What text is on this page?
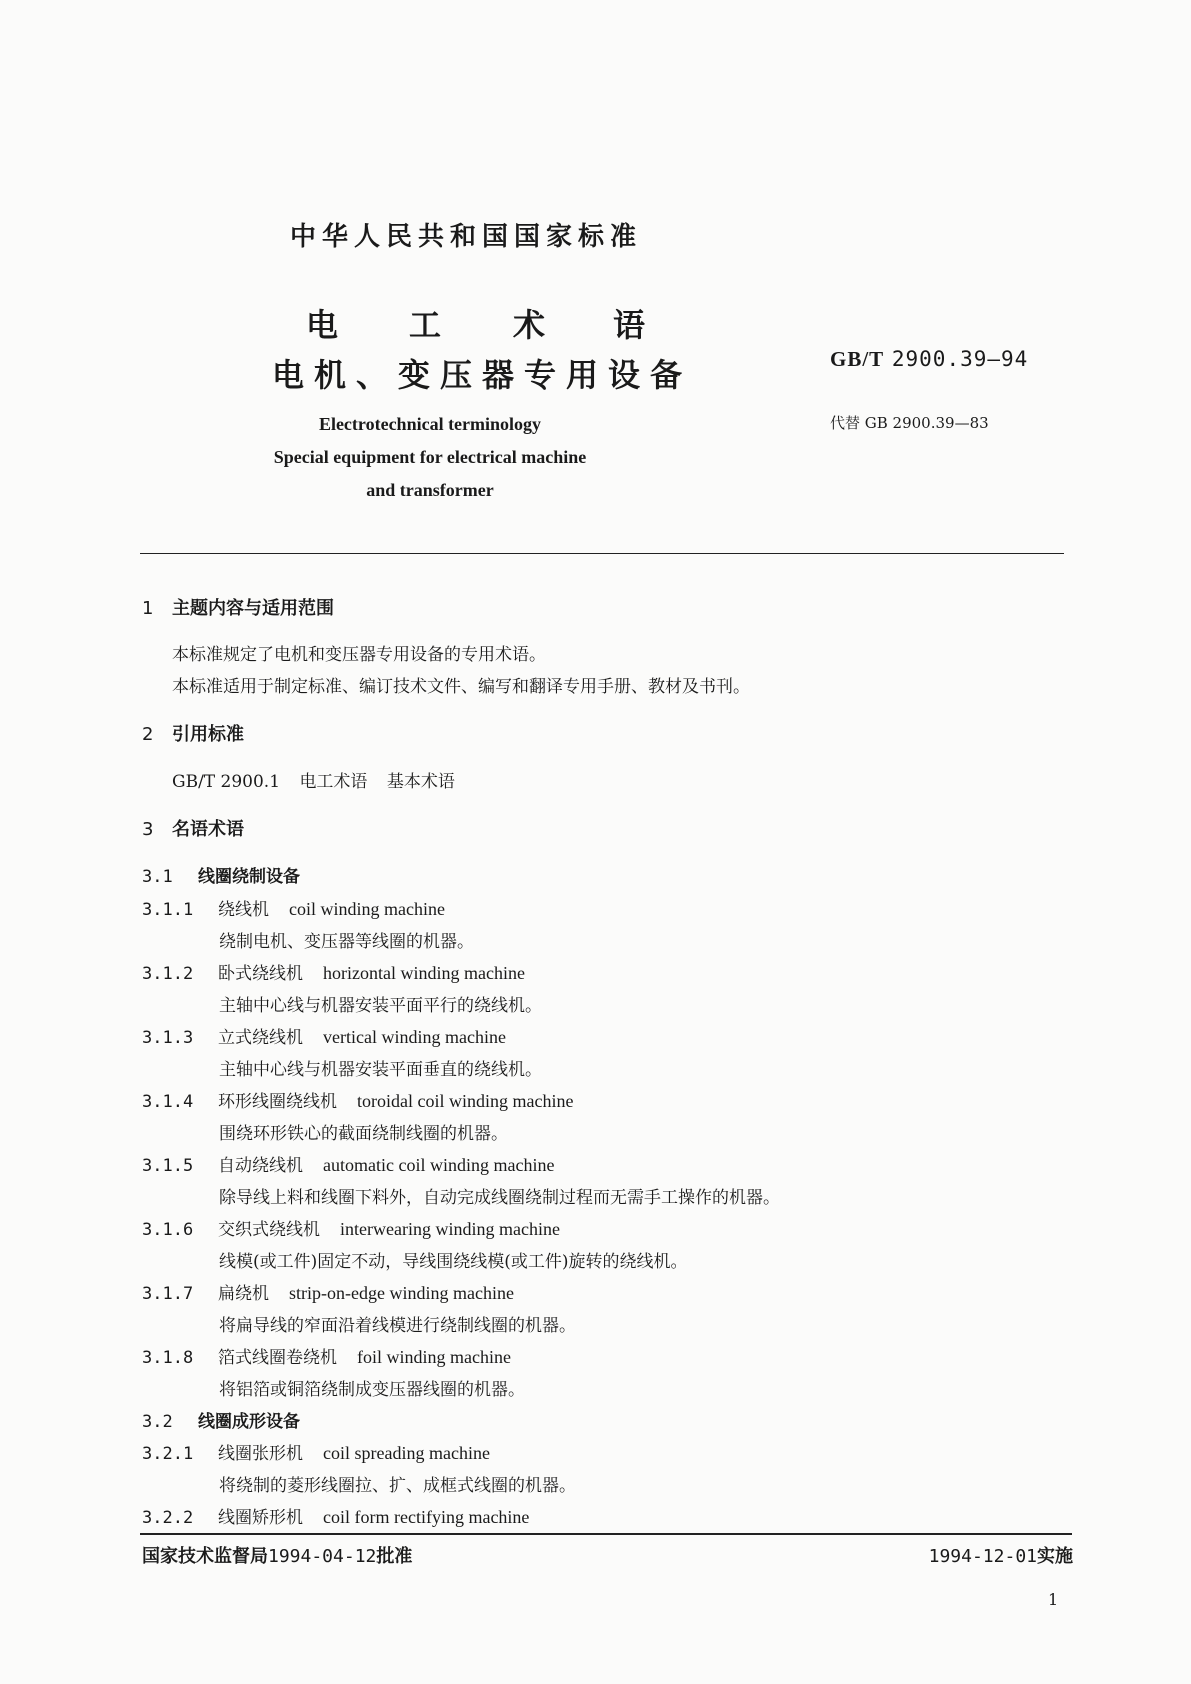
中华人民共和国国家标准
电 工 术 语
电机、变压器专用设备	GB/T 2900.39—94
代替 GB 2900.39—83
Electrotechnical terminology
Special equipment for electrical machine
and transformer
1 主题内容与适用范围
本标准规定了电机和变压器专用设备的专用术语。
本标准适用于制定标准、编订技术文件、编写和翻译专用手册、教材及书刊。
2 引用标准
GB/T 2900.1 电工术语 基本术语
3 名语术语
3.1 线圈绕制设备
3.1.1 绕线机 coil winding machine
绕制电机、变压器等线圈的机器。
3.1.2 卧式绕线机 horizontal winding machine
主轴中心线与机器安装平面平行的绕线机。
3.1.3 立式绕线机 vertical winding machine
主轴中心线与机器安装平面垂直的绕线机。
3.1.4 环形线圈绕线机 toroidal coil winding machine
围绕环形铁心的截面绕制线圈的机器。
3.1.5 自动绕线机 automatic coil winding machine
除导线上料和线圈下料外，自动完成线圈绕制过程而无需手工操作的机器。
3.1.6 交织式绕线机 interwearing winding machine
线模(或工件)固定不动，导线围绕线模(或工件)旋转的绕线机。
3.1.7 扁绕机 strip-on-edge winding machine
将扁导线的窄面沿着线模进行绕制线圈的机器。
3.1.8 箔式线圈卷绕机 foil winding machine
将铝箔或铜箔绕制成变压器线圈的机器。
3.2 线圈成形设备
3.2.1 线圈张形机 coil spreading machine
将绕制的菱形线圈拉、扩、成框式线圈的机器。
3.2.2 线圈矫形机 coil form rectifying machine
国家技术监督局1994-04-12批准	1994-12-01实施
1
